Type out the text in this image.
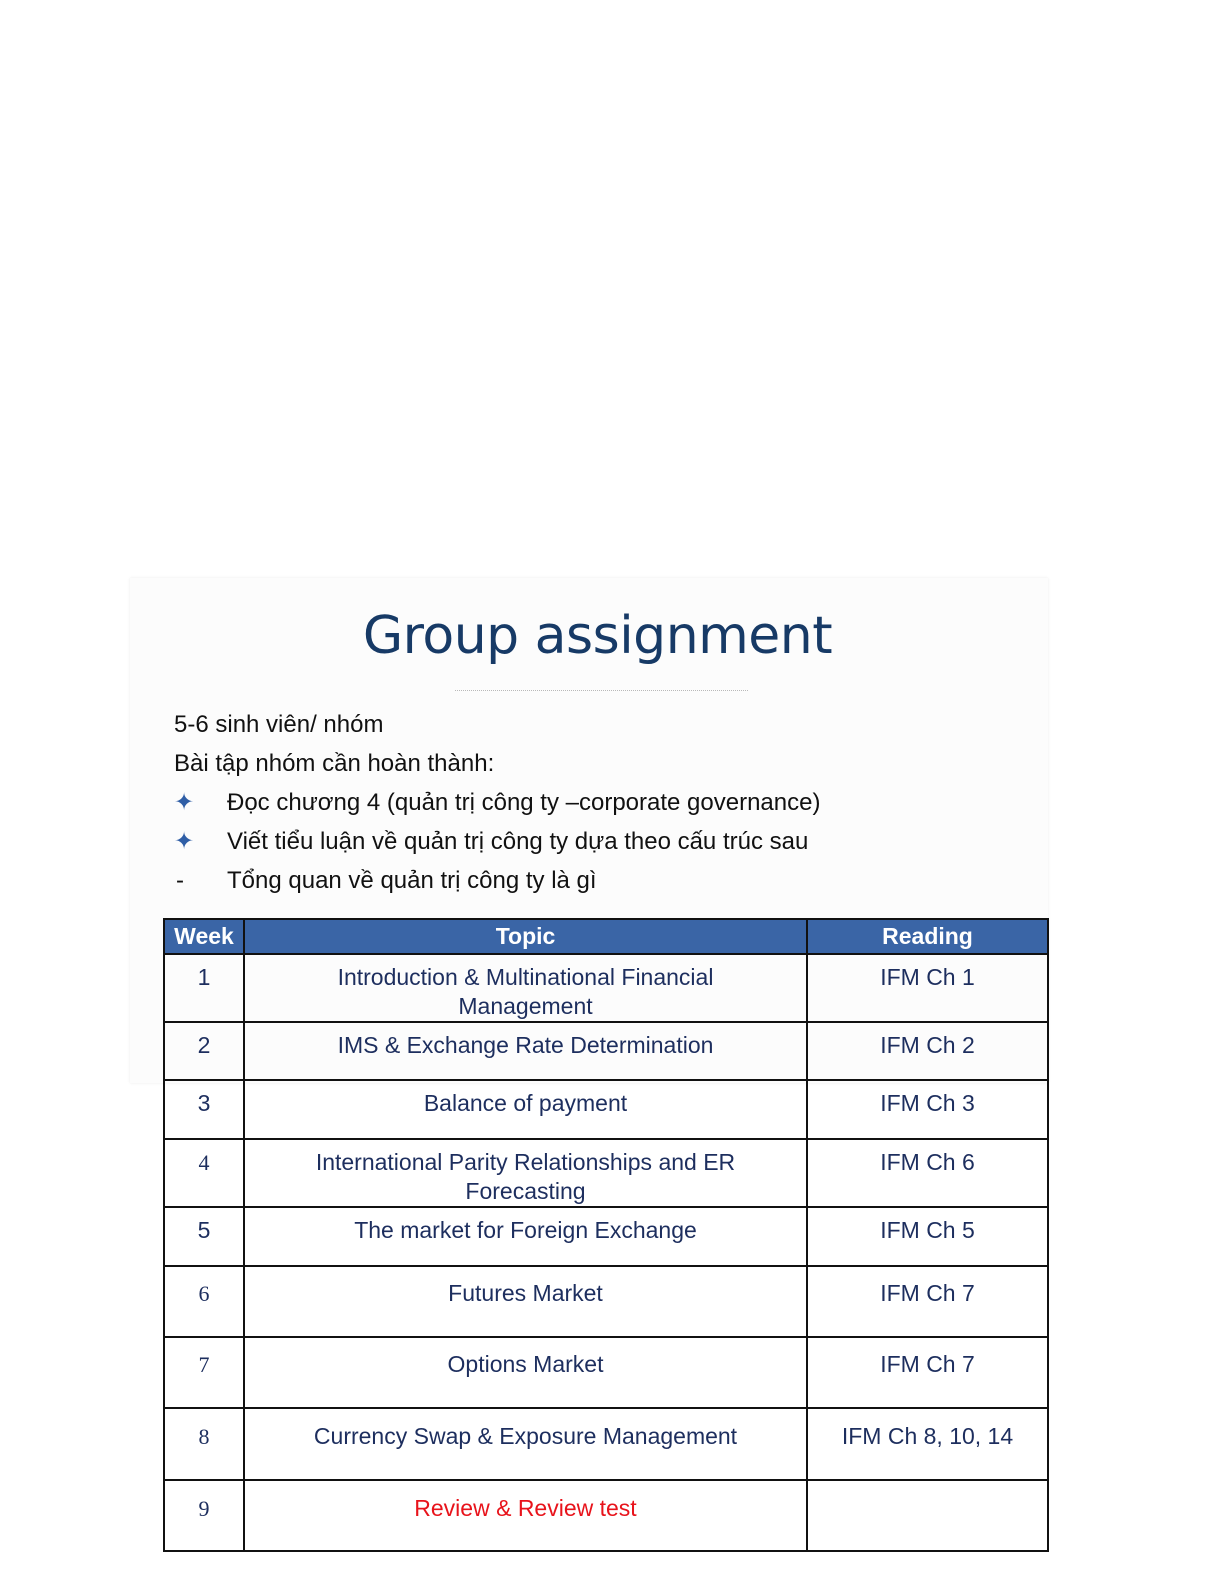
Group assignment
5-6 sinh viên/ nhóm
Bài tập nhóm cần hoàn thành:
✦	Đọc chương 4 (quản trị công ty –corporate governance)
✦	Viết tiểu luận về quản trị công ty dựa theo cấu trúc sau
-	Tổng quan về quản trị công ty là gì
Week	Topic	Reading

1	Introduction & Multinational Financial Management	IFM Ch 1

2	IMS & Exchange Rate Determination	IFM Ch 2

3	Balance of payment	IFM Ch 3

4	International Parity Relationships and ER Forecasting	IFM Ch 6

5	The market for Foreign Exchange	IFM Ch 5

6	Futures Market	IFM Ch 7

7	Options Market	IFM Ch 7

8	Currency Swap & Exposure Management	IFM Ch 8, 10, 14

9	Review & Review test	
